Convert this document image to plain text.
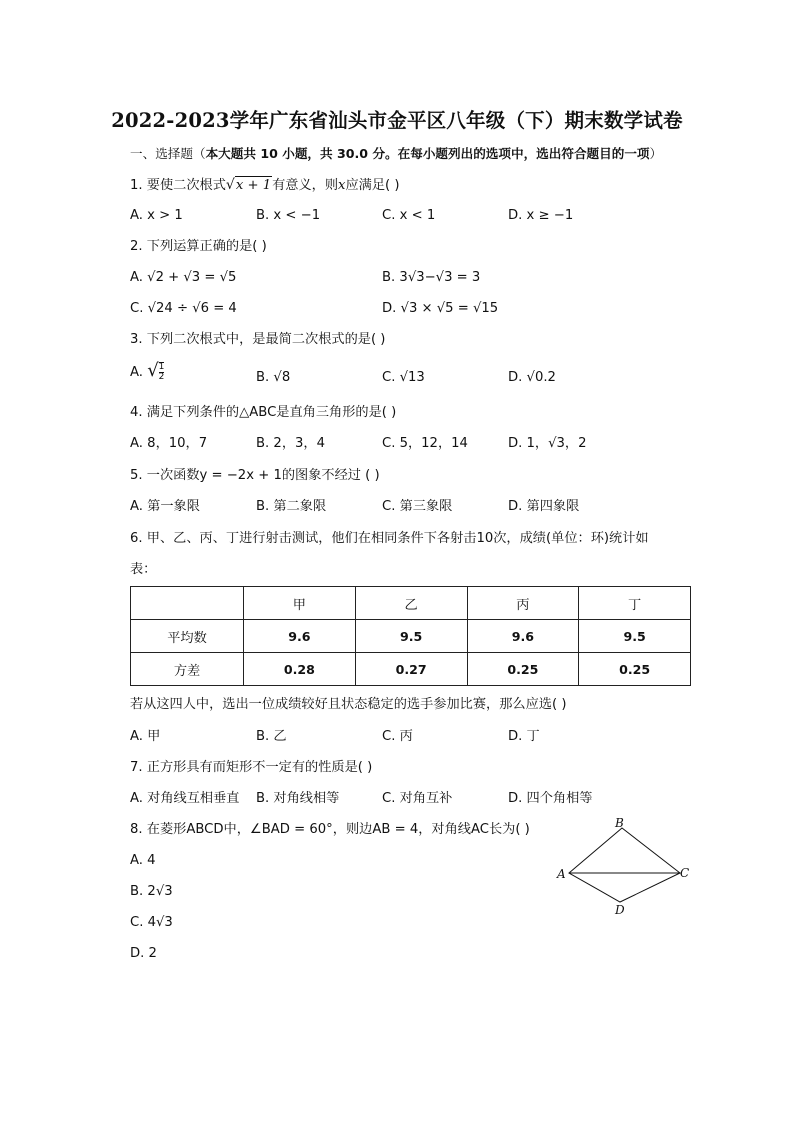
2022-2023学年广东省汕头市金平区八年级（下）期末数学试卷
一、选择题（本大题共 10 小题，共 30.0 分。在每小题列出的选项中，选出符合题目的一项）
1. 要使二次根式√x + 1有意义，则x应满足( )
A. x > 1	B. x < −1	C. x < 1	D. x ≥ −1
2. 下列运算正确的是( )
A. √2 + √3 = √5	B. 3√3−√3 = 3
C. √24 ÷ √6 = 4	D. √3 × √5 = √15
3. 下列二次根式中，是最简二次根式的是( )
A. √ $\frac{1}{2}$	B. √8	C. √13	D. √0.2
4. 满足下列条件的△ABC是直角三角形的是( )
A. 8，10，7	B. 2，3，4	C. 5，12，14	D. 1，√3，2
5. 一次函数y = −2x + 1的图象不经过 ( )
A. 第一象限	B. 第二象限	C. 第三象限	D. 第四象限
6. 甲、乙、丙、丁进行射击测试，他们在相同条件下各射击10次，成绩(单位：环)统计如
表：
	甲	乙	丙	丁
平均数	9.6	9.5	9.6	9.5
方差	0.28	0.27	0.25	0.25
若从这四人中，选出一位成绩较好且状态稳定的选手参加比赛，那么应选( )
A. 甲	B. 乙	C. 丙	D. 丁
7. 正方形具有而矩形不一定有的性质是( )
A. 对角线互相垂直 B. 对角线相等	C. 对角互补	D. 四个角相等
8. 在菱形ABCD中，∠BAD = 60°，则边AB = 4，对角线AC长为( )
A. 4
B. 2√3
C. 4√3
D. 2
B
A	C
D
